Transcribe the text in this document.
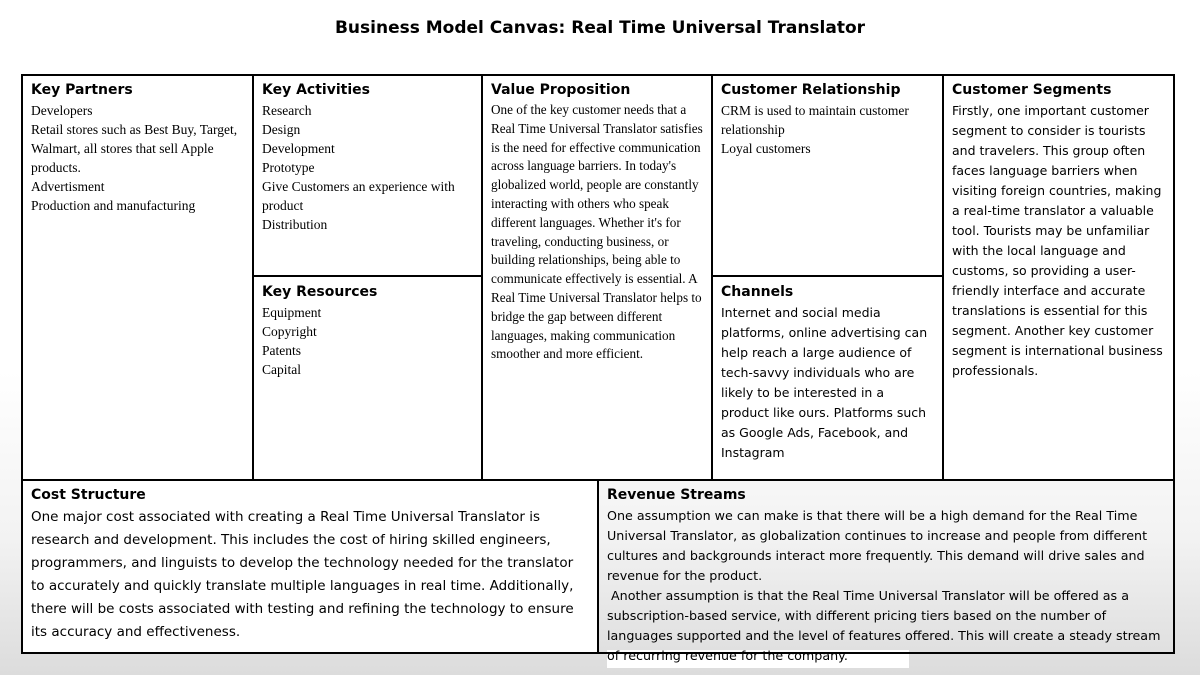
Business Model Canvas: Real Time Universal Translator
Key Partners
Developers
Retail stores such as Best Buy, Target, Walmart, all stores that sell Apple products.
Advertisment
Production and manufacturing
Key Activities
Research
Design
Development
Prototype
Give Customers an experience with product
Distribution
Key Resources
Equipment
Copyright
Patents
Capital
Value Proposition
One of the key customer needs that a Real Time Universal Translator satisfies is the need for effective communication across language barriers. In today's globalized world, people are constantly interacting with others who speak different languages. Whether it's for traveling, conducting business, or building relationships, being able to communicate effectively is essential. A Real Time Universal Translator helps to bridge the gap between different languages, making communication smoother and more efficient.
Customer Relationship
CRM is used to maintain customer relationship
Loyal customers
Channels
Internet and social media platforms, online advertising can help reach a large audience of tech-savvy individuals who are likely to be interested in a product like ours. Platforms such as Google Ads, Facebook, and Instagram
Customer Segments
Firstly, one important customer segment to consider is tourists and travelers. This group often faces language barriers when visiting foreign countries, making a real-time translator a valuable tool. Tourists may be unfamiliar with the local language and customs, so providing a user-friendly interface and accurate translations is essential for this segment. Another key customer segment is international business professionals.
Cost Structure
One major cost associated with creating a Real Time Universal Translator is research and development. This includes the cost of hiring skilled engineers, programmers, and linguists to develop the technology needed for the translator to accurately and quickly translate multiple languages in real time. Additionally, there will be costs associated with testing and refining the technology to ensure its accuracy and effectiveness.
Revenue Streams

One assumption we can make is that there will be a high demand for the Real Time Universal Translator, as globalization continues to increase and people from different cultures and backgrounds interact more frequently. This demand will drive sales and revenue for the product.

Another assumption is that the Real Time Universal Translator will be offered as a subscription-based service, with different pricing tiers based on the number of languages supported and the level of features offered. This will create a steady stream of recurring revenue for the company.
